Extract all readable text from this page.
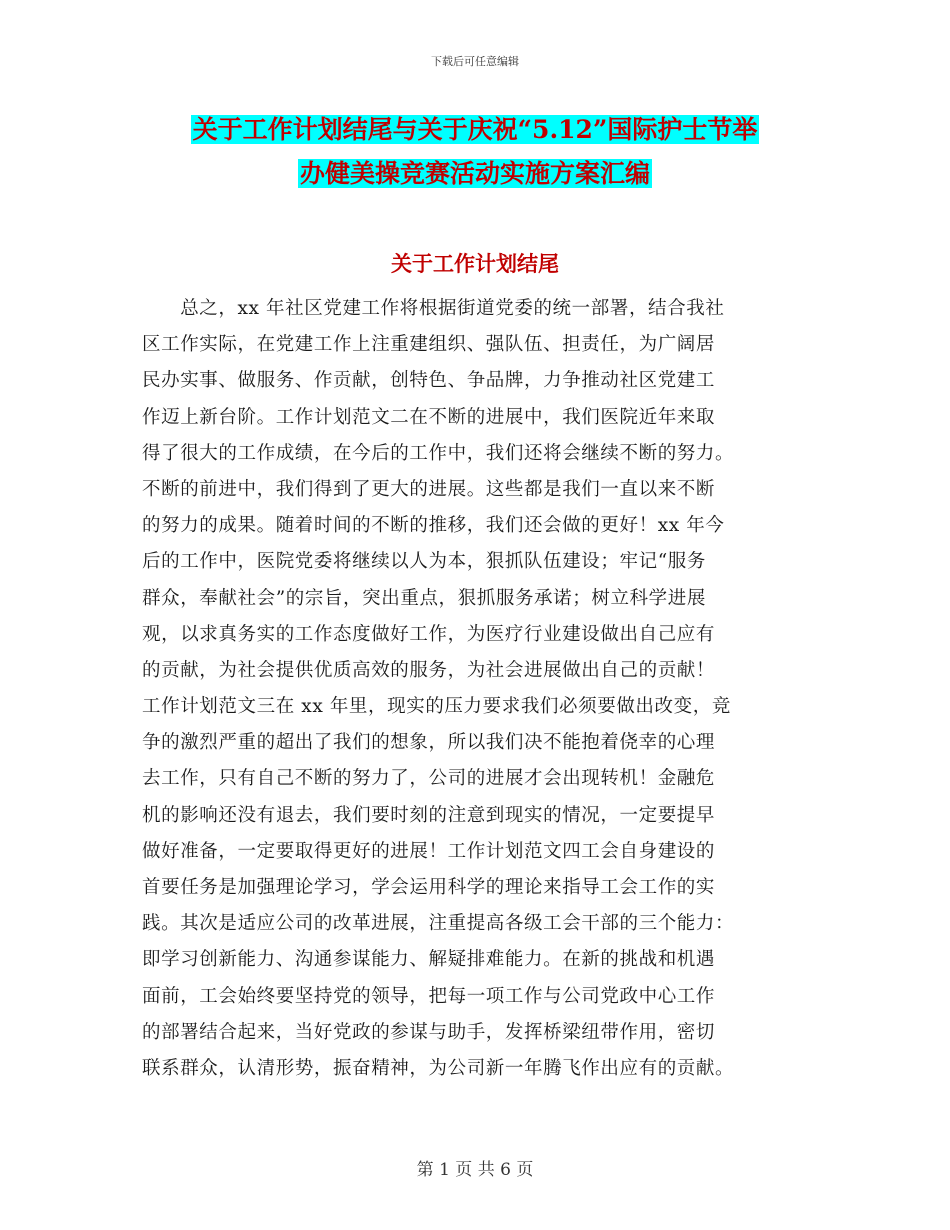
下载后可任意编辑
关于工作计划结尾与关于庆祝“5.12”国际护士节举
办健美操竞赛活动实施方案汇编
关于工作计划结尾
　　总之，xx 年社区党建工作将根据街道党委的统一部署，结合我社
区工作实际，在党建工作上注重建组织、强队伍、担责任，为广阔居
民办实事、做服务、作贡献，创特色、争品牌，力争推动社区党建工
作迈上新台阶。工作计划范文二在不断的进展中，我们医院近年来取
得了很大的工作成绩，在今后的工作中，我们还将会继续不断的努力。
不断的前进中，我们得到了更大的进展。这些都是我们一直以来不断
的努力的成果。随着时间的不断的推移，我们还会做的更好！xx 年今
后的工作中，医院党委将继续以人为本，狠抓队伍建设；牢记“服务
群众，奉献社会”的宗旨，突出重点，狠抓服务承诺；树立科学进展
观，以求真务实的工作态度做好工作，为医疗行业建设做出自己应有
的贡献，为社会提供优质高效的服务，为社会进展做出自己的贡献！
工作计划范文三在 xx 年里，现实的压力要求我们必须要做出改变，竞
争的激烈严重的超出了我们的想象，所以我们决不能抱着侥幸的心理
去工作，只有自己不断的努力了，公司的进展才会出现转机！金融危
机的影响还没有退去，我们要时刻的注意到现实的情况，一定要提早
做好准备，一定要取得更好的进展！工作计划范文四工会自身建设的
首要任务是加强理论学习，学会运用科学的理论来指导工会工作的实
践。其次是适应公司的改革进展，注重提高各级工会干部的三个能力：
即学习创新能力、沟通参谋能力、解疑排难能力。在新的挑战和机遇
面前，工会始终要坚持党的领导，把每一项工作与公司党政中心工作
的部署结合起来，当好党政的参谋与助手，发挥桥梁纽带作用，密切
联系群众，认清形势，振奋精神，为公司新一年腾飞作出应有的贡献。
第 1 页 共 6 页
